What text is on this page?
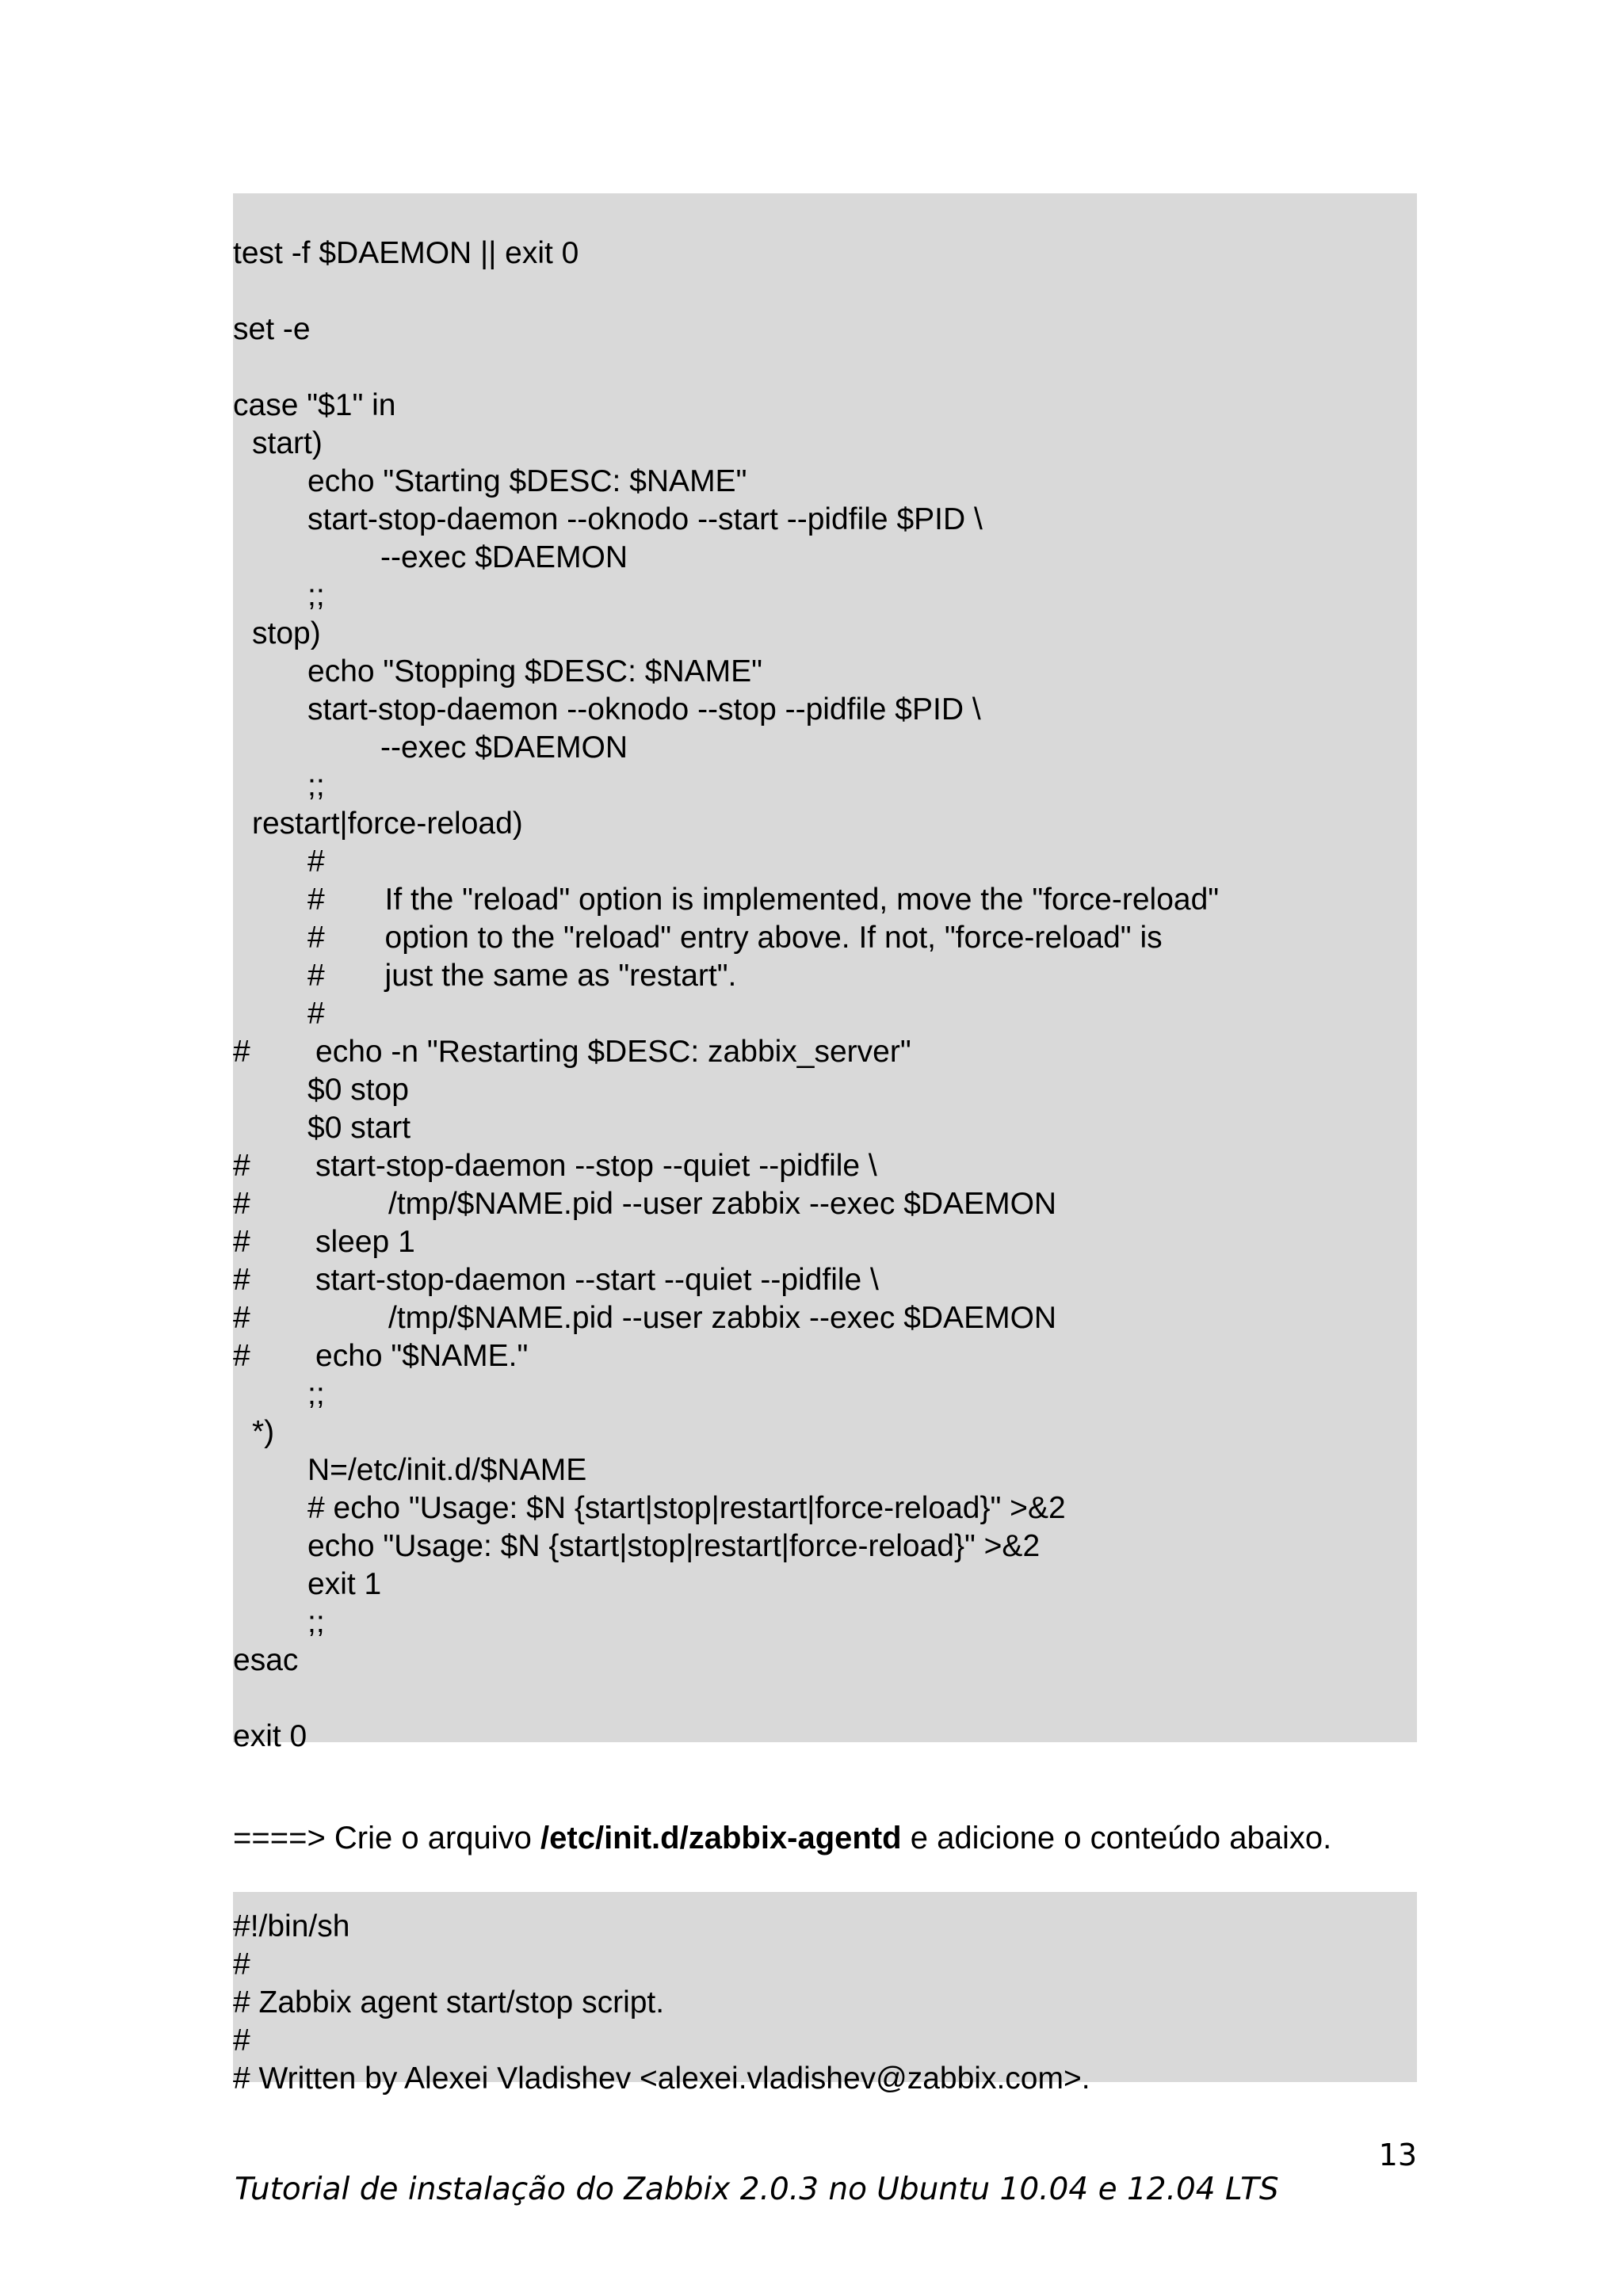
test -f $DAEMON || exit 0
set -e
case "$1" in
start)
echo "Starting $DESC: $NAME"
start-stop-daemon --oknodo --start --pidfile $PID \
--exec $DAEMON
;;
stop)
echo "Stopping $DESC: $NAME"
start-stop-daemon --oknodo --stop --pidfile $PID \
--exec $DAEMON
;;
restart|force-reload)
#
#       If the "reload" option is implemented, move the "force-reload"
#       option to the "reload" entry above. If not, "force-reload" is
#       just the same as "restart".
#
# echo -n "Restarting $DESC: zabbix_server"
$0 stop
$0 start
# start-stop-daemon --stop --quiet --pidfile \
#	/tmp/$NAME.pid --user zabbix --exec $DAEMON
# sleep 1
# start-stop-daemon --start --quiet --pidfile \
#	/tmp/$NAME.pid --user zabbix --exec $DAEMON
# echo "$NAME."
;;
*)
N=/etc/init.d/$NAME
# echo "Usage: $N {start|stop|restart|force-reload}" >&2
echo "Usage: $N {start|stop|restart|force-reload}" >&2
exit 1
;;
esac
exit 0
====> Crie o arquivo /etc/init.d/zabbix-agentd e adicione o conteúdo abaixo.
#!/bin/sh
#
# Zabbix agent start/stop script.
#
# Written by Alexei Vladishev <alexei.vladishev@zabbix.com>.
13
Tutorial de instalação do Zabbix 2.0.3 no Ubuntu 10.04 e 12.04 LTS
